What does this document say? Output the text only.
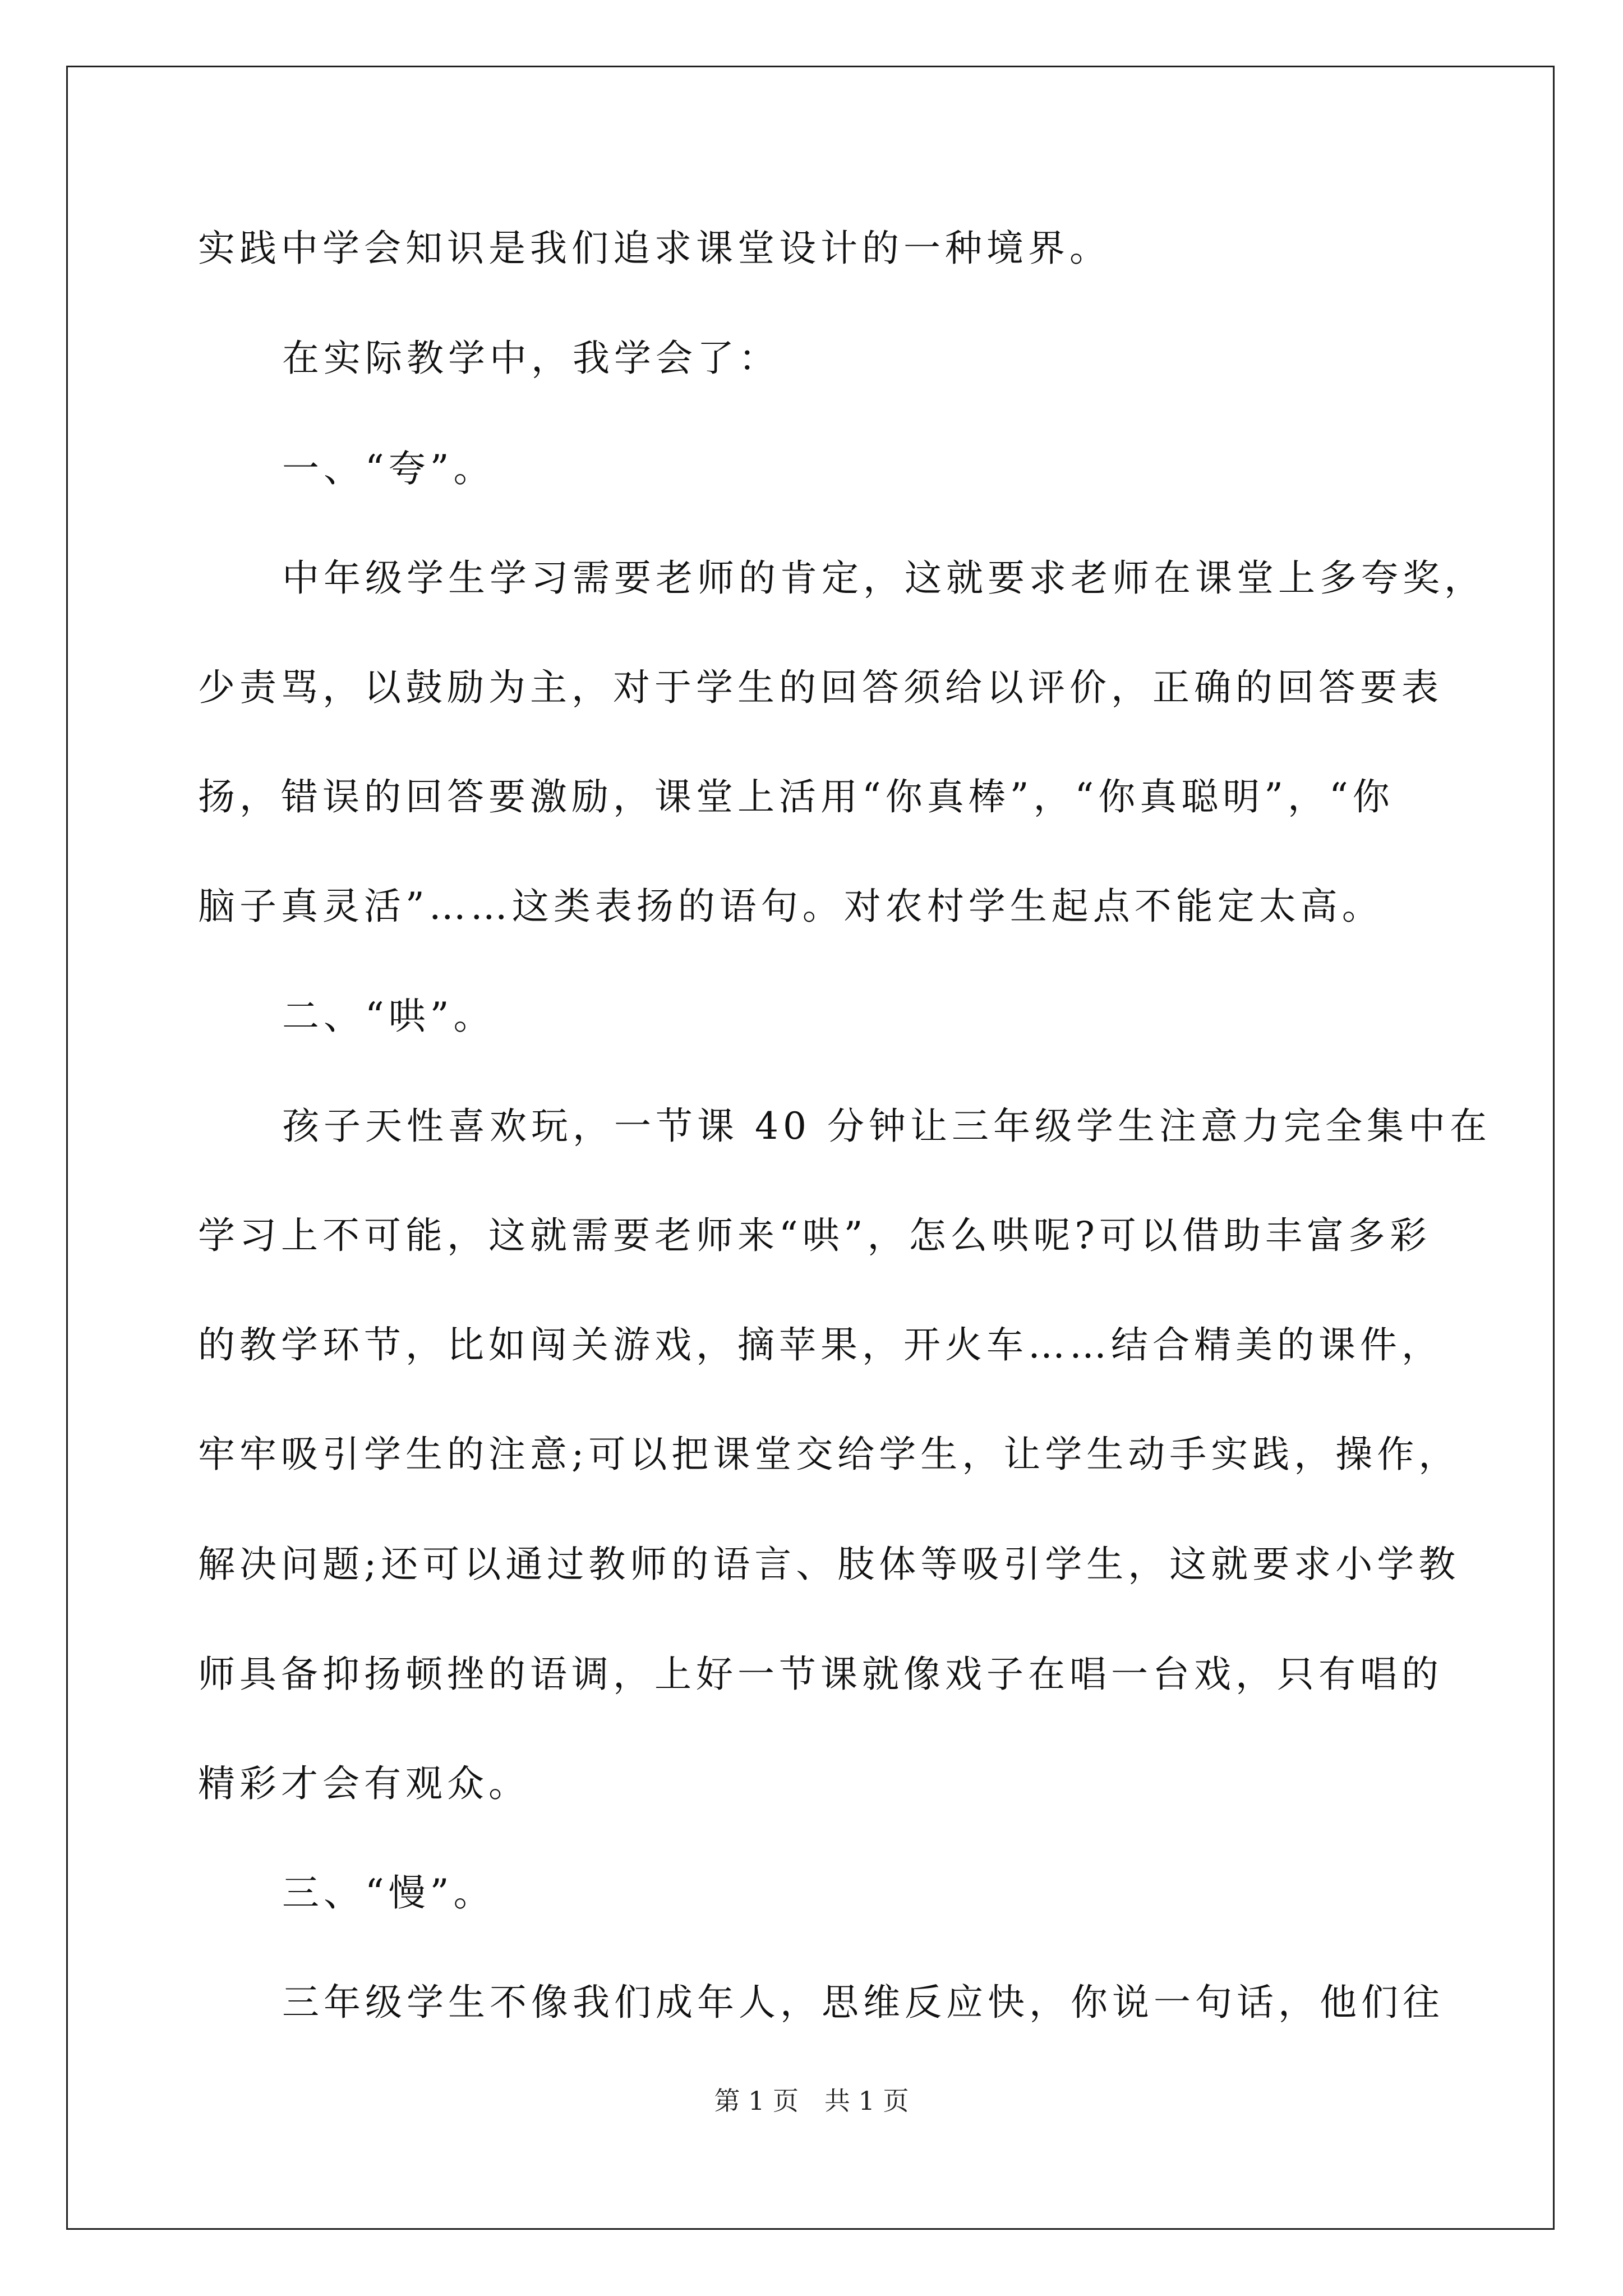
实践中学会知识是我们追求课堂设计的一种境界。
在实际教学中，我学会了：
一、“夸”。
中年级学生学习需要老师的肯定，这就要求老师在课堂上多夸奖，
少责骂，以鼓励为主，对于学生的回答须给以评价，正确的回答要表
扬，错误的回答要激励，课堂上活用“你真棒”，“你真聪明”，“你
脑子真灵活”……这类表扬的语句。对农村学生起点不能定太高。
二、“哄”。
孩子天性喜欢玩，一节课 40 分钟让三年级学生注意力完全集中在
学习上不可能，这就需要老师来“哄”，怎么哄呢?可以借助丰富多彩
的教学环节，比如闯关游戏，摘苹果，开火车……结合精美的课件，
牢牢吸引学生的注意;可以把课堂交给学生，让学生动手实践，操作，
解决问题;还可以通过教师的语言、肢体等吸引学生，这就要求小学教
师具备抑扬顿挫的语调，上好一节课就像戏子在唱一台戏，只有唱的
精彩才会有观众。
三、“慢”。
三年级学生不像我们成年人，思维反应快，你说一句话，他们往
第 1 页　共 1 页
